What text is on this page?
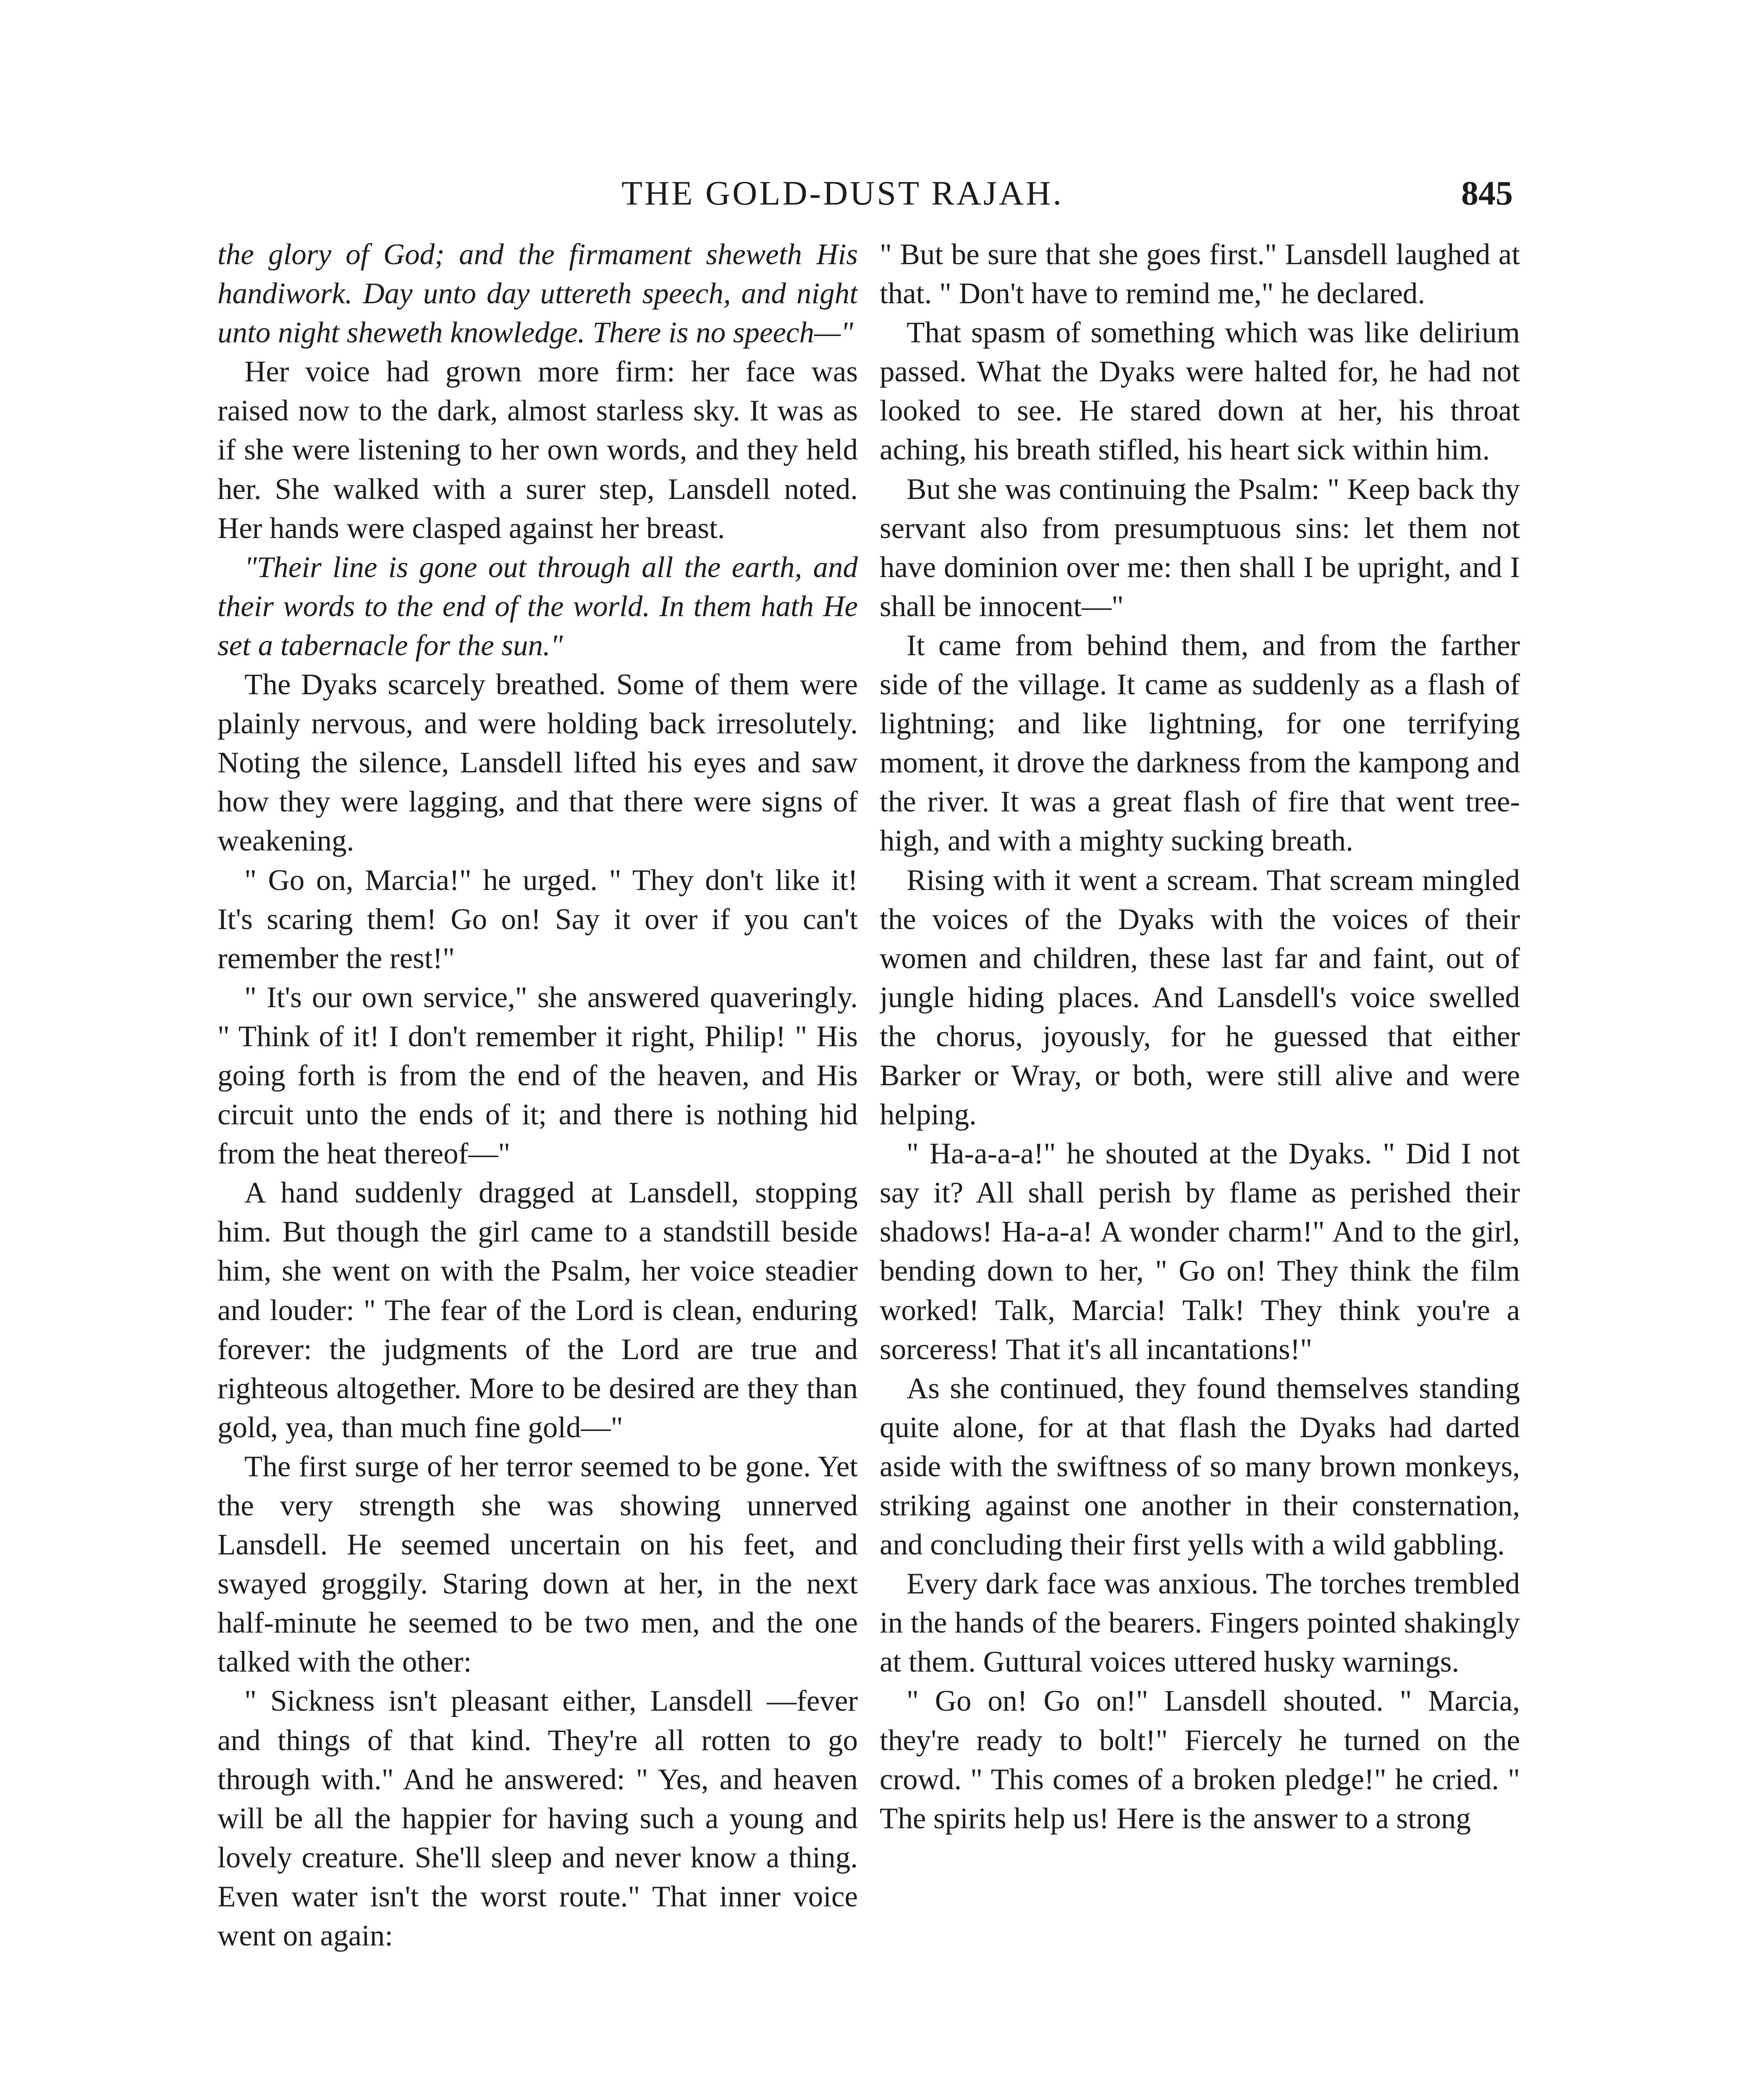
THE GOLD-DUST RAJAH.	845

the glory of God; and the firmament sheweth His handiwork. Day unto day uttereth speech, and night unto night sheweth knowledge. There is no speech—"

Her voice had grown more firm: her face was raised now to the dark, almost starless sky. It was as if she were listening to her own words, and they held her. She walked with a surer step, Lansdell noted. Her hands were clasped against her breast.

"Their line is gone out through all the earth, and their words to the end of the world. In them hath He set a tabernacle for the sun."

The Dyaks scarcely breathed. Some of them were plainly nervous, and were holding back irresolutely. Noting the silence, Lansdell lifted his eyes and saw how they were lagging, and that there were signs of weakening.

" Go on, Marcia!" he urged. " They don't like it! It's scaring them! Go on! Say it over if you can't remember the rest!"

" It's our own service," she answered quaveringly. " Think of it! I don't remember it right, Philip! " His going forth is from the end of the heaven, and His circuit unto the ends of it; and there is nothing hid from the heat thereof—"

A hand suddenly dragged at Lansdell, stopping him. But though the girl came to a standstill beside him, she went on with the Psalm, her voice steadier and louder: " The fear of the Lord is clean, enduring forever: the judgments of the Lord are true and righteous altogether. More to be desired are they than gold, yea, than much fine gold—"

The first surge of her terror seemed to be gone. Yet the very strength she was showing unnerved Lansdell. He seemed uncertain on his feet, and swayed groggily. Staring down at her, in the next half-minute he seemed to be two men, and the one talked with the other:

" Sickness isn't pleasant either, Lansdell —fever and things of that kind. They're all rotten to go through with." And he answered: " Yes, and heaven will be all the happier for having such a young and lovely creature. She'll sleep and never know a thing. Even water isn't the worst route." That inner voice went on again:

" But be sure that she goes first." Lansdell laughed at that. " Don't have to remind me," he declared.

That spasm of something which was like delirium passed. What the Dyaks were halted for, he had not looked to see. He stared down at her, his throat aching, his breath stifled, his heart sick within him.

But she was continuing the Psalm: " Keep back thy servant also from presumptuous sins: let them not have dominion over me: then shall I be upright, and I shall be innocent—"

It came from behind them, and from the farther side of the village. It came as suddenly as a flash of lightning; and like lightning, for one terrifying moment, it drove the darkness from the kampong and the river. It was a great flash of fire that went tree-high, and with a mighty sucking breath.

Rising with it went a scream. That scream mingled the voices of the Dyaks with the voices of their women and children, these last far and faint, out of jungle hiding places. And Lansdell's voice swelled the chorus, joyously, for he guessed that either Barker or Wray, or both, were still alive and were helping.

" Ha-a-a-a!" he shouted at the Dyaks. " Did I not say it? All shall perish by flame as perished their shadows! Ha-a-a! A wonder charm!" And to the girl, bending down to her, " Go on! They think the film worked! Talk, Marcia! Talk! They think you're a sorceress! That it's all incantations!"

As she continued, they found themselves standing quite alone, for at that flash the Dyaks had darted aside with the swiftness of so many brown monkeys, striking against one another in their consternation, and concluding their first yells with a wild gabbling.

Every dark face was anxious. The torches trembled in the hands of the bearers. Fingers pointed shakingly at them. Guttural voices uttered husky warnings.

" Go on! Go on!" Lansdell shouted. " Marcia, they're ready to bolt!" Fiercely he turned on the crowd. " This comes of a broken pledge!" he cried. " The spirits help us! Here is the answer to a strong
